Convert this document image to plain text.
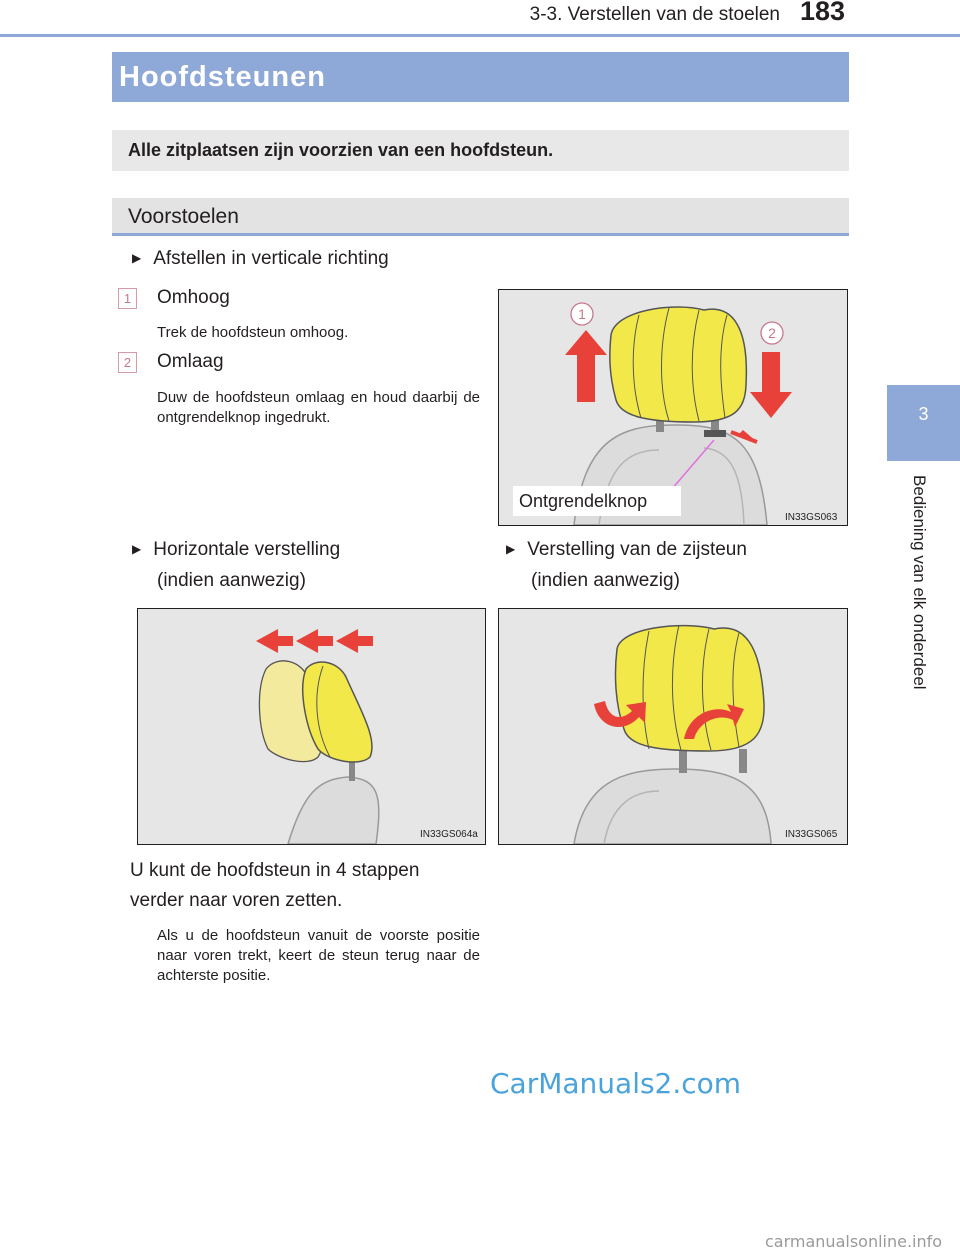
3-3. Verstellen van de stoelen 183
3
Bediening van elk onderdeel
Hoofdsteunen
Alle zitplaatsen zijn voorzien van een hoofdsteun.
Voorstoelen
▶ Afstellen in verticale richting
1	Omhoog
Trek de hoofdsteun omhoog.
2	Omlaag
Duw de hoofdsteun omlaag en houd daarbij de ontgrendelknop ingedrukt.
1
2
Ontgrendelknop
IN33GS063
▶ Horizontale verstelling
(indien aanwezig)
▶ Verstelling van de zijsteun
(indien aanwezig)
IN33GS064a	IN33GS065
U kunt de hoofdsteun in 4 stappen
verder naar voren zetten.
Als u de hoofdsteun vanuit de voorste positie naar voren trekt, keert de steun terug naar de achterste positie.
CarManuals2.com
carmanualsonline.info
